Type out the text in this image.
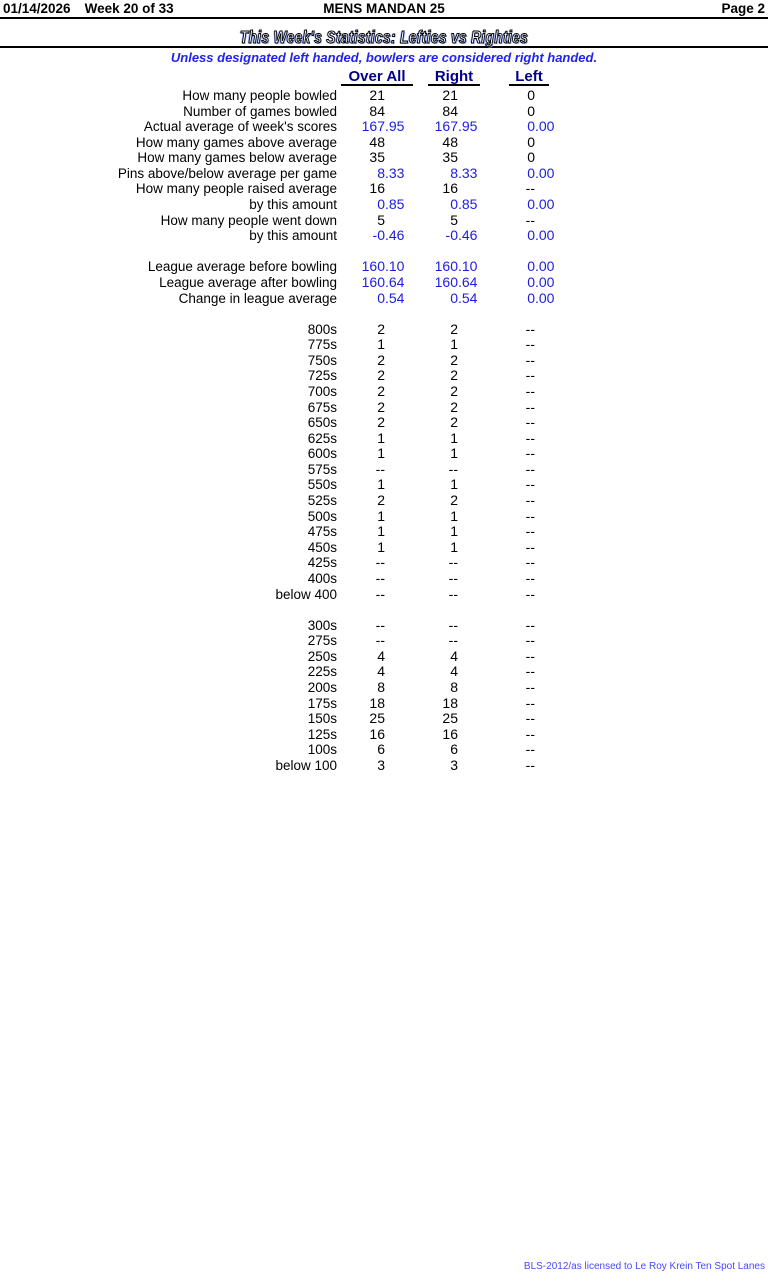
01/14/2026 Week 20 of 33	MENS MANDAN 25	Page 2
This Week's Statistics: Lefties vs Righties
Unless designated left handed, bowlers are considered right handed.
Over All	Right	Left
How many people bowled 21	21	0
Number of games bowled 84	84	0
Actual average of week's scores 167.95 167.95	0.00
How many games above average 48	48	0
How many games below average 35	35	0
Pins above/below average per game	8.33	8.33	0.00
How many people raised average 16	16	--
by this amount	0.85	0.85	0.00
How many people went down	5	5	--
by this amount	-0.46	-0.46	0.00
League average before bowling 160.10 160.10	0.00
League average after bowling 160.64 160.64	0.00
Change in league average	0.54	0.54	0.00
800s	2	2	--
775s	1	1	--
750s	2	2	--
725s	2	2	--
700s	2	2	--
675s	2	2	--
650s	2	2	--
625s	1	1	--
600s	1	1	--
575s	--	--	--
550s	1	1	--
525s	2	2	--
500s	1	1	--
475s	1	1	--
450s	1	1	--
425s	--	--	--
400s	--	--	--
below 400	--	--	--
300s	--	--	--
275s	--	--	--
250s	4	4	--
225s	4	4	--
200s	8	8	--
175s 18	18	--
150s 25	25	--
125s 16	16	--
100s	6	6	--
below 100	3	3	--
BLS-2012/as licensed to Le Roy Krein Ten Spot Lanes
